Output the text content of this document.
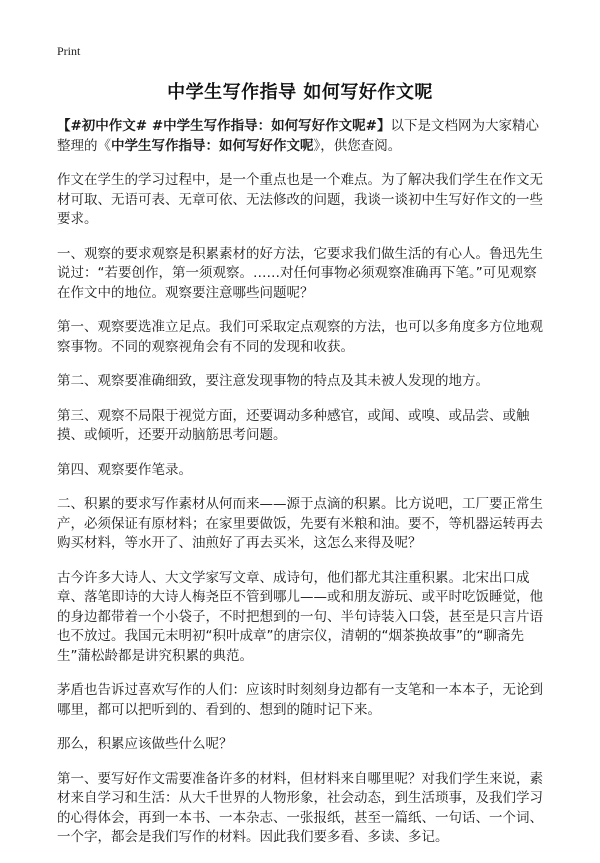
Print
中学生写作指导 如何写好作文呢

【#初中作文# #中学生写作指导：如何写好作文呢#】以下是文档网为大家精心整理的《中学生写作指导：如何写好作文呢》，供您查阅。

作文在学生的学习过程中，是一个重点也是一个难点。为了解决我们学生在作文无材可取、无语可表、无章可依、无法修改的问题，我谈一谈初中生写好作文的一些要求。

一、观察的要求观察是积累素材的好方法，它要求我们做生活的有心人。鲁迅先生说过：“若要创作，第一须观察。……对任何事物必须观察准确再下笔。”可见观察在作文中的地位。观察要注意哪些问题呢？

第一、观察要选准立足点。我们可采取定点观察的方法，也可以多角度多方位地观察事物。不同的观察视角会有不同的发现和收获。

第二、观察要准确细致，要注意发现事物的特点及其未被人发现的地方。

第三、观察不局限于视觉方面，还要调动多种感官，或闻、或嗅、或品尝、或触摸、或倾听，还要开动脑筋思考问题。

第四、观察要作笔录。

二、积累的要求写作素材从何而来——源于点滴的积累。比方说吧，工厂要正常生产，必须保证有原材料；在家里要做饭，先要有米粮和油。要不，等机器运转再去购买材料，等水开了、油煎好了再去买米，这怎么来得及呢？

古今许多大诗人、大文学家写文章、成诗句，他们都尤其注重积累。北宋出口成章、落笔即诗的大诗人梅尧臣不管到哪儿——或和朋友游玩、或平时吃饭睡觉，他的身边都带着一个小袋子，不时把想到的一句、半句诗装入口袋，甚至是只言片语也不放过。我国元末明初“积叶成章”的唐宗仪，清朝的“烟茶换故事”的“聊斋先生”蒲松龄都是讲究积累的典范。

茅盾也告诉过喜欢写作的人们：应该时时刻刻身边都有一支笔和一本本子，无论到哪里，都可以把听到的、看到的、想到的随时记下来。

那么，积累应该做些什么呢？

第一、要写好作文需要准备许多的材料，但材料来自哪里呢？对我们学生来说，素材来自学习和生活：从大千世界的人物形象，社会动态，到生活琐事，及我们学习的心得体会，再到一本书、一本杂志、一张报纸，甚至一篇纸、一句话、一个词、一个字，都会是我们写作的材料。因此我们要多看、多读、多记。
